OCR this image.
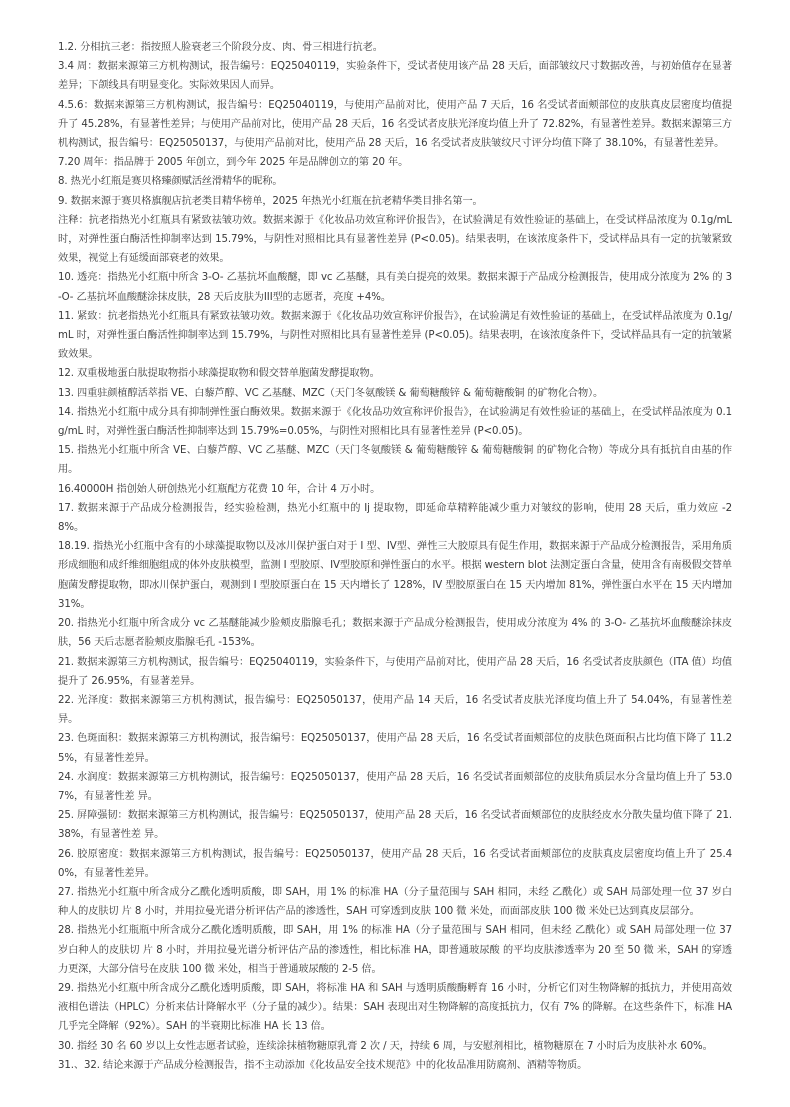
1.2. 分相抗三老：指按照人脸衰老三个阶段分皮、肉、骨三相进行抗老。

3.4 周：数据来源第三方机构测试，报告编号：EQ25040119，实验条件下，受试者使用该产品 28 天后，面部皱纹尺寸数据改善，与初始值存在显著差异；下颌线具有明显变化。实际效果因人而异。

4.5.6：数据来源第三方机构测试，报告编号：EQ25040119，与使用产品前对比，使用产品 7 天后，16 名受试者面颊部位的皮肤真皮层密度均值提升了 45.28%，有显著性差异；与使用产品前对比，使用产品 28 天后，16 名受试者皮肤光泽度均值上升了 72.82%，有显著性差异。数据来源第三方机构测试，报告编号：EQ25050137，与使用产品前对比，使用产品 28 天后，16 名受试者皮肤皱纹尺寸评分均值下降了 38.10%，有显著性差异。

7.20 周年：指品牌于 2005 年创立，到今年 2025 年是品牌创立的第 20 年。

8. 热光小红瓶是赛贝格臻颜赋活丝滑精华的昵称。

9. 数据来源于赛贝格旗舰店抗老类目精华榜单，2025 年热光小红瓶在抗老精华类目排名第一。

注释：抗老指热光小红瓶具有紧致祛皱功效。数据来源于《化妆品功效宣称评价报告》，在试验满足有效性验证的基础上，在受试样品浓度为 0.1g/mL 时，对弹性蛋白酶活性抑制率达到 15.79%，与阴性对照相比具有显著性差异 (P<0.05)。结果表明，在该浓度条件下，受试样品具有一定的抗皱紧致效果，视觉上有延缓面部衰老的效果。

10. 透亮：指热光小红瓶中所含 3-O- 乙基抗坏血酸醚，即 vc 乙基醚，具有美白提亮的效果。数据来源于产品成分检测报告，使用成分浓度为 2% 的 3-O- 乙基抗坏血酸醚涂抹皮肤，28 天后皮肤为III型的志愿者，亮度 +4%。

11. 紧致：抗老指热光小红瓶具有紧致祛皱功效。数据来源于《化妆品功效宣称评价报告》，在试验满足有效性验证的基础上，在受试样品浓度为 0.1g/mL 时，对弹性蛋白酶活性抑制率达到 15.79%，与阴性对照相比具有显著性差异 (P<0.05)。结果表明，在该浓度条件下，受试样品具有一定的抗皱紧致效果。

12. 双重极地蛋白肽提取物指小球藻提取物和假交替单胞菌发酵提取物。

13. 四重驻颜植醇活萃指 VE、白藜芦醇、VC 乙基醚、MZC（天门冬氨酸镁 & 葡萄糖酸锌 & 葡萄糖酸铜 的矿物化合物）。

14. 指热光小红瓶中成分具有抑制弹性蛋白酶效果。数据来源于《化妆品功效宣称评价报告》，在试验满足有效性验证的基础上，在受试样品浓度为 0.1g/mL 时，对弹性蛋白酶活性抑制率达到 15.79%=0.05%，与阴性对照相比具有显著性差异 (P<0.05)。

15. 指热光小红瓶中所含 VE、白藜芦醇、VC 乙基醚、MZC（天门冬氨酸镁 & 葡萄糖酸锌 & 葡萄糖酸铜 的矿物化合物）等成分具有抵抗自由基的作用。

16.40000H 指创始人研创热光小红瓶配方花费 10 年，合计 4 万小时。

17. 数据来源于产品成分检测报告，经实验检测，热光小红瓶中的 Ij 提取物，即延命草精粹能减少重力对皱纹的影响，使用 28 天后，重力效应 -28%。

18.19. 指热光小红瓶中含有的小球藻提取物以及冰川保护蛋白对于 I 型、IV型、弹性三大胶原具有促生作用，数据来源于产品成分检测报告，采用角质形成细胞和成纤维细胞组成的体外皮肤模型，监测 I 型胶原、IV型胶原和弹性蛋白的水平。根据 western blot 法测定蛋白含量，使用含有南极假交替单胞菌发酵提取物，即冰川保护蛋白，观测到 I 型胶原蛋白在 15 天内增长了 128%，IV 型胶原蛋白在 15 天内增加 81%，弹性蛋白水平在 15 天内增加 31%。

20. 指热光小红瓶中所含成分 vc 乙基醚能减少脸颊皮脂腺毛孔；数据来源于产品成分检测报告，使用成分浓度为 4% 的 3-O- 乙基抗坏血酸醚涂抹皮肤，56 天后志愿者脸颊皮脂腺毛孔 -153%。

21. 数据来源第三方机构测试，报告编号：EQ25040119，实验条件下，与使用产品前对比，使用产品 28 天后，16 名受试者皮肤颜色（ITA 值）均值提升了 26.95%，有显著差异。

22. 光泽度：数据来源第三方机构测试，报告编号：EQ25050137，使用产品 14 天后，16 名受试者皮肤光泽度均值上升了 54.04%，有显著性差异。

23. 色斑面积：数据来源第三方机构测试，报告编号：EQ25050137，使用产品 28 天后，16 名受试者面颊部位的皮肤色斑面积占比均值下降了 11.25%，有显著性差异。

24. 水润度：数据来源第三方机构测试，报告编号：EQ25050137，使用产品 28 天后，16 名受试者面颊部位的皮肤角质层水分含量均值上升了 53.07%，有显著性差 异。

25. 屏障强韧：数据来源第三方机构测试，报告编号：EQ25050137，使用产品 28 天后，16 名受试者面颊部位的皮肤经皮水分散失量均值下降了 21.38%，有显著性差 异。

26. 胶原密度：数据来源第三方机构测试，报告编号：EQ25050137，使用产品 28 天后，16 名受试者面颊部位的皮肤真皮层密度均值上升了 25.40%，有显著性差异。

27. 指热光小红瓶中所含成分乙酰化透明质酸，即 SAH，用 1% 的标准 HA（分子量范围与 SAH 相同，未经 乙酰化）或 SAH 局部处理一位 37 岁白种人的皮肤切 片 8 小时，并用拉曼光谱分析评估产品的渗透性，SAH 可穿透到皮肤 100 微 米处，而面部皮肤 100 微 米处已达到真皮层部分。

28. 指热光小红瓶瓶中所含成分乙酰化透明质酸，即 SAH，用 1% 的标准 HA（分子量范围与 SAH 相同，但未经 乙酰化）或 SAH 局部处理一位 37 岁白种人的皮肤切 片 8 小时，并用拉曼光谱分析评估产品的渗透性，相比标准 HA，即普通玻尿酸 的平均皮肤渗透率为 20 至 50 微 米，SAH 的穿透力更深，大部分信号在皮肤 100 微 米处，相当于普通玻尿酸的 2-5 倍。

29. 指热光小红瓶中所含成分乙酰化透明质酸，即 SAH，将标准 HA 和 SAH 与透明质酸酶孵育 16 小时，分析它们对生物降解的抵抗力，并使用高效液相色谱法（HPLC）分析来估计降解水平（分子量的减少）。结果：SAH 表现出对生物降解的高度抵抗力，仅有 7% 的降解。在这些条件下，标准 HA 几乎完全降解（92%）。SAH 的半衰期比标准 HA 长 13 倍。

30. 指经 30 名 60 岁以上女性志愿者试验，连续涂抹植物糖原乳膏 2 次 / 天，持续 6 周，与安慰剂相比，植物糖原在 7 小时后为皮肤补水 60%。

31.、32. 结论来源于产品成分检测报告，指不主动添加《化妆品安全技术规范》中的化妆品准用防腐剂、酒精等物质。
